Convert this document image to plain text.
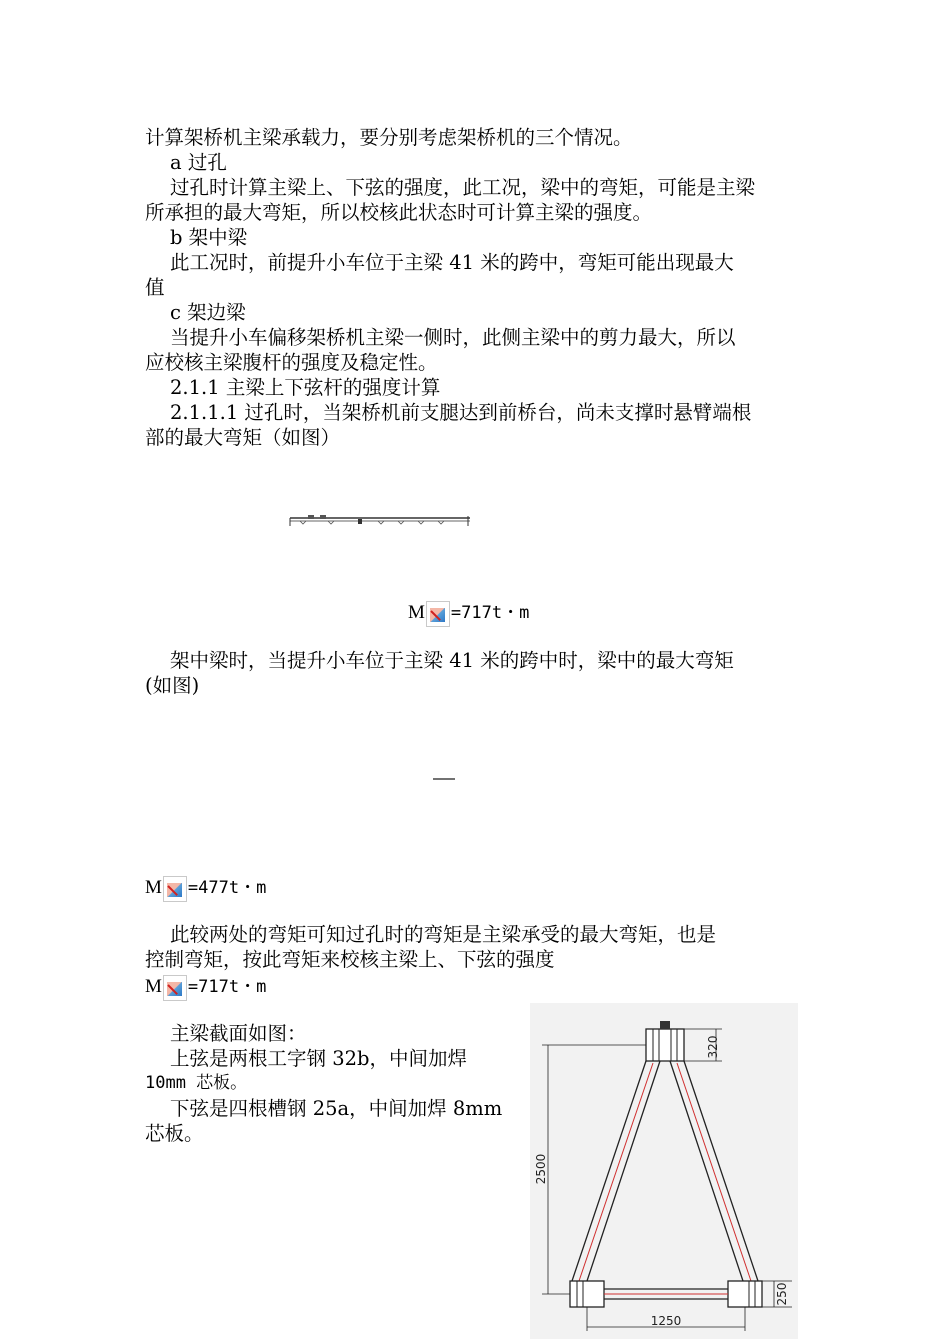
计算架桥机主梁承载力，要分别考虑架桥机的三个情况。
a 过孔
过孔时计算主梁上、下弦的强度，此工况，梁中的弯矩，可能是主梁
所承担的最大弯矩，所以校核此状态时可计算主梁的强度。
b 架中梁
此工况时，前提升小车位于主梁 41 米的跨中，弯矩可能出现最大
值
c 架边梁
当提升小车偏移架桥机主梁一侧时，此侧主梁中的剪力最大，所以
应校核主梁腹杆的强度及稳定性。
2.1.1 主梁上下弦杆的强度计算
2.1.1.1 过孔时，当架桥机前支腿达到前桥台，尚未支撑时悬臂端根
部的最大弯矩（如图）
M =717t・m
架中梁时，当提升小车位于主梁 41 米的跨中时，梁中的最大弯矩
(如图)
M =477t・m
此较两处的弯矩可知过孔时的弯矩是主梁承受的最大弯矩，也是
控制弯矩，按此弯矩来校核主梁上、下弦的强度
M =717t・m
主梁截面如图：
上弦是两根工字钢 32b，中间加焊
10mm 芯板。
下弦是四根槽钢 25a，中间加焊 8mm
芯板。
320
2500
250
1250
